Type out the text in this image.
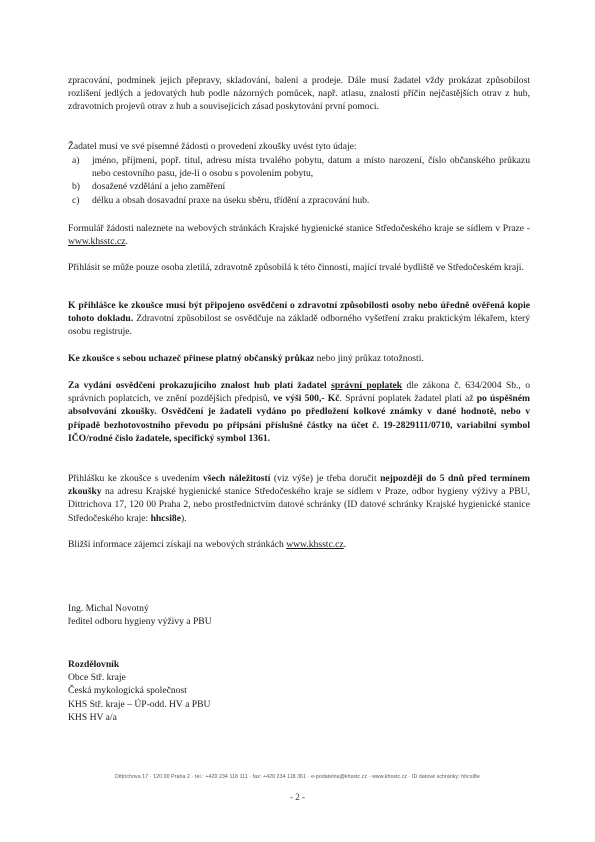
zpracování, podmínek jejich přepravy, skladování, balení a prodeje. Dále musí žadatel vždy prokázat způsobilost rozlišení jedlých a jedovatých hub podle názorných pomůcek, např. atlasu, znalosti příčin nejčastějších otrav z hub, zdravotních projevů otrav z hub a souvisejících zásad poskytování první pomoci.
Žadatel musí ve své písemné žádosti o provedení zkoušky uvést tyto údaje:
a) jméno, příjmení, popř. titul, adresu místa trvalého pobytu, datum a místo narození, číslo občanského průkazu nebo cestovního pasu, jde-li o osobu s povolením pobytu,
b) dosažené vzdělání a jeho zaměření
c) délku a obsah dosavadní praxe na úseku sběru, třídění a zpracování hub.
Formulář žádosti naleznete na webových stránkách Krajské hygienické stanice Středočeského kraje se sídlem v Praze - www.khsstc.cz.
Přihlásit se může pouze osoba zletilá, zdravotně způsobilá k této činnosti, mající trvalé bydliště ve Středočeském kraji.
K přihlášce ke zkoušce musí být připojeno osvědčení o zdravotní způsobilosti osoby nebo úředně ověřená kopie tohoto dokladu. Zdravotní způsobilost se osvědčuje na základě odborného vyšetření zraku praktickým lékařem, který osobu registruje.
Ke zkoušce s sebou uchazeč přinese platný občanský průkaz nebo jiný průkaz totožnosti.
Za vydání osvědčení prokazujícího znalost hub platí žadatel správní poplatek dle zákona č. 634/2004 Sb., o správních poplatcích, ve znění pozdějších předpisů, ve výši 500,- Kč. Správní poplatek žadatel platí až po úspěšném absolvování zkoušky. Osvědčení je žadateli vydáno po předložení kolkové známky v dané hodnotě, nebo v případě bezhotovostního převodu po připsání příslušné částky na účet č. 19-2829111/0710, variabilní symbol IČO/rodné číslo žadatele, specifický symbol 1361.
Přihlášku ke zkoušce s uvedením všech náležitostí (viz výše) je třeba doručit nejpozději do 5 dnů před termínem zkoušky na adresu Krajské hygienické stanice Středočeského kraje se sídlem v Praze, odbor hygieny výživy a PBU, Dittrichova 17, 120 00 Praha 2, nebo prostřednictvím datové schránky (ID datové schránky Krajské hygienické stanice Středočeského kraje: hhcsi8e).
Bližší informace zájemci získají na webových stránkách www.khsstc.cz.
Ing. Michal Novotný
ředitel odboru hygieny výživy a PBU
Rozdělovník
Obce Stř. kraje
Česká mykologická společnost
KHS Stř. kraje – ÚP-odd. HV a PBU
KHS HV a/a
Dittrichova 17 · 120 00 Praha 2 · tel.: +420 234 118 111 · fax: +420 234 118 361 · e-podatelna@khsstc.cz · www.khsstc.cz · ID datové schránky: hhcsi8e
- 2 -
